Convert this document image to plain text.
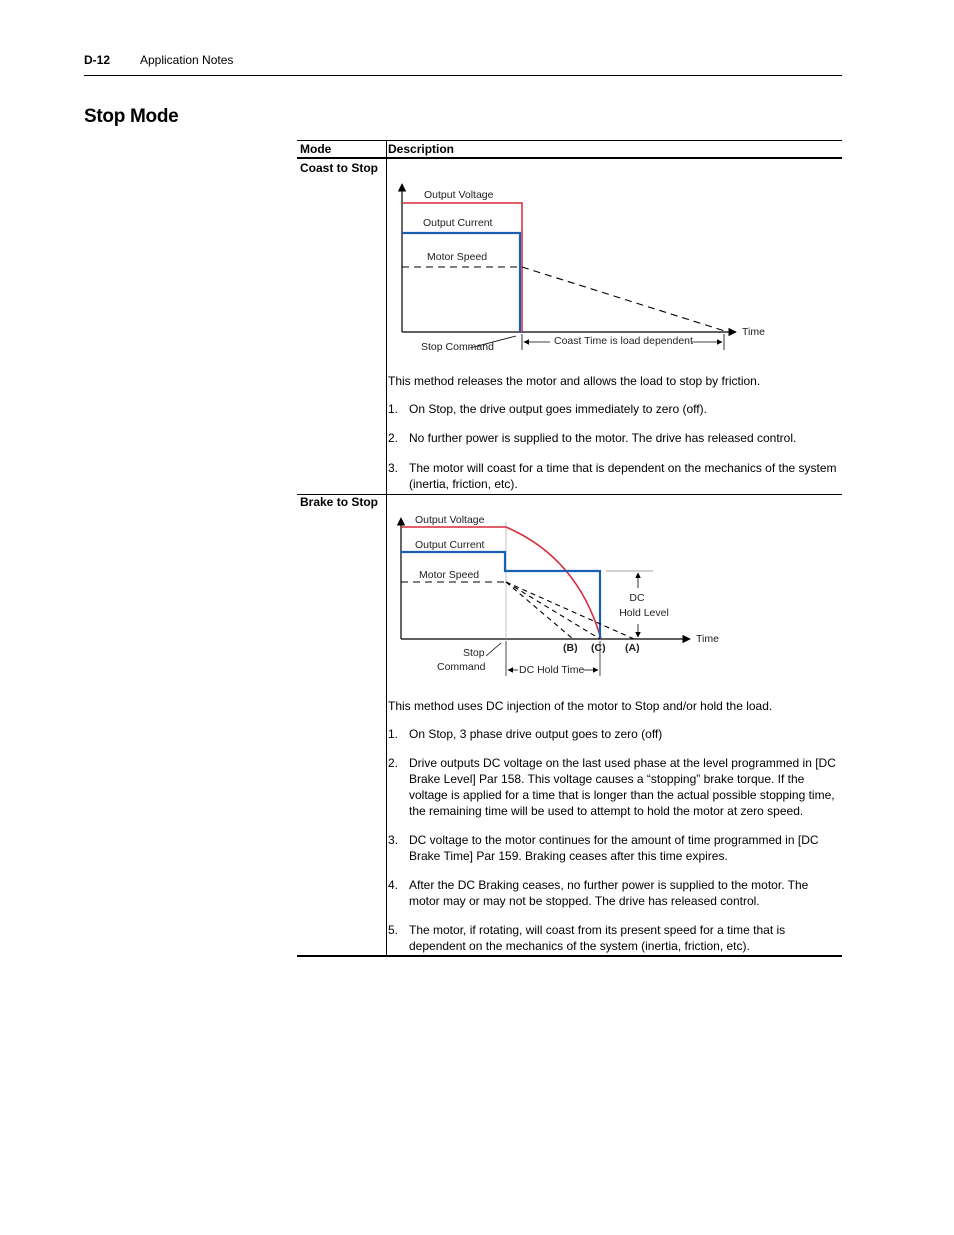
D-12 Application Notes
Stop Mode
Mode	Description
Coast to Stop
Output Voltage
Output Current
Motor Speed
Time
Stop Command	Coast Time is load dependent
This method releases the motor and allows the load to stop by friction.
1. On Stop, the drive output goes immediately to zero (off).
2. No further power is supplied to the motor. The drive has released control.
3. The motor will coast for a time that is dependent on the mechanics of the system (inertia, friction, etc).
Brake to Stop
Output Voltage
Output Current
Motor Speed
Time
Stop
Command	DC Hold Time
DC
Hold Level
(B) (C) (A)
This method uses DC injection of the motor to Stop and/or hold the load.
1. On Stop, 3 phase drive output goes to zero (off)
2. Drive outputs DC voltage on the last used phase at the level programmed in [DC Brake Level] Par 158. This voltage causes a “stopping” brake torque. If the voltage is applied for a time that is longer than the actual possible stopping time, the remaining time will be used to attempt to hold the motor at zero speed.
3. DC voltage to the motor continues for the amount of time programmed in [DC Brake Time] Par 159. Braking ceases after this time expires.
4. After the DC Braking ceases, no further power is supplied to the motor. The motor may or may not be stopped. The drive has released control.
5. The motor, if rotating, will coast from its present speed for a time that is dependent on the mechanics of the system (inertia, friction, etc).
